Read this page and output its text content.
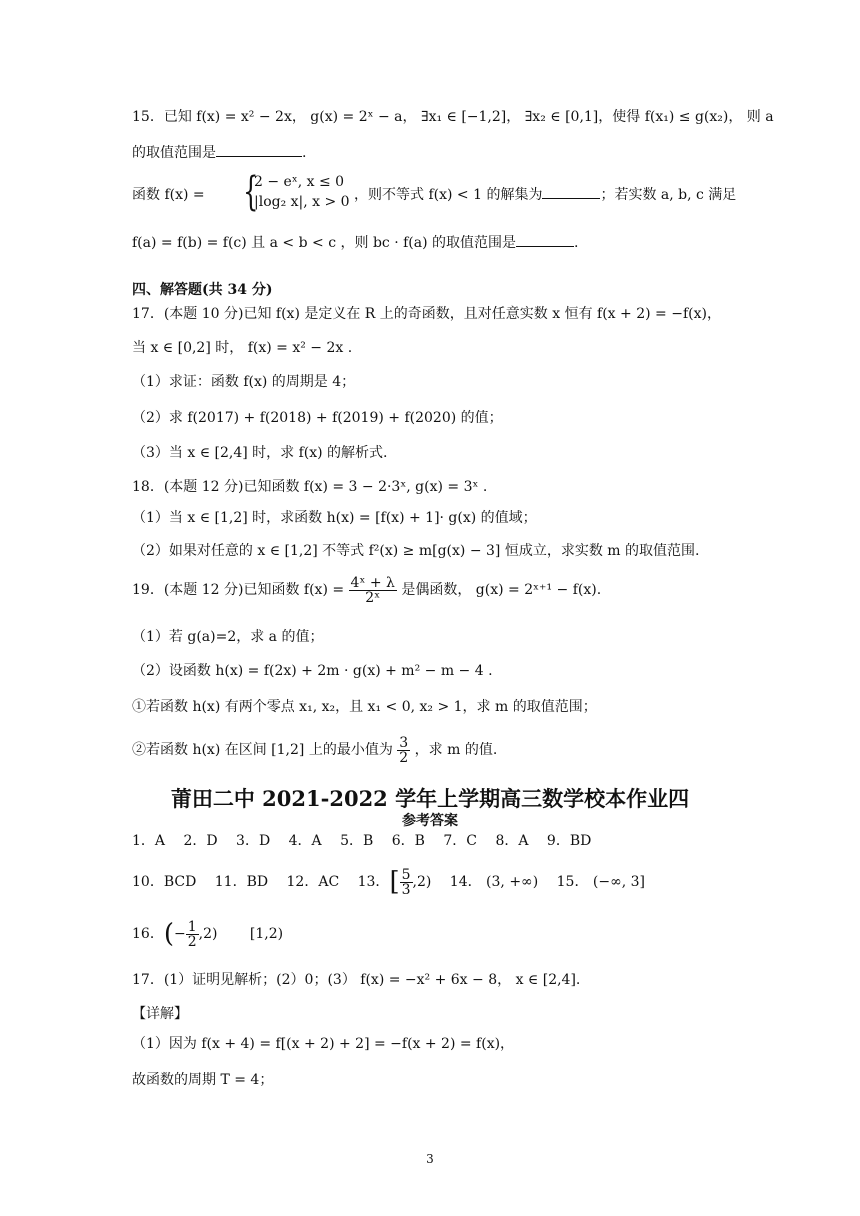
15．已知 f(x) = x² − 2x， g(x) = 2ˣ − a， ∃x₁ ∈ [−1,2]， ∃x₂ ∈ [0,1]，使得 f(x₁) ≤ g(x₂)， 则 a
的取值范围是	.
函数 f(x) = {
2 − eˣ, x ≤ 0
|log₂ x|, x > 0 ，则不等式 f(x) < 1 的解集为	；若实数 a, b, c 满足
f(a) = f(b) = f(c) 且 a < b < c ，则 bc · f(a) 的取值范围是	.
四、解答题(共 34 分)
17．(本题 10 分)已知 f(x) 是定义在 R 上的奇函数，且对任意实数 x 恒有 f(x + 2) = −f(x)，
当 x ∈ [0,2] 时， f(x) = x² − 2x .
（1）求证：函数 f(x) 的周期是 4；
（2）求 f(2017) + f(2018) + f(2019) + f(2020) 的值；
（3）当 x ∈ [2,4] 时，求 f(x) 的解析式.
18．(本题 12 分)已知函数 f(x) = 3 − 2·3ˣ, g(x) = 3ˣ .
（1）当 x ∈ [1,2] 时，求函数 h(x) = [f(x) + 1]· g(x) 的值域；
（2）如果对任意的 x ∈ [1,2] 不等式 f²(x) ≥ m[g(x) − 3] 恒成立，求实数 m 的取值范围.
19．(本题 12 分)已知函数 $f(x) = \frac{\text{4ˣ + λ}}{\text{2ˣ}}$ 是偶函数， g(x) = 2ˣ⁺¹ − f(x).
（1）若 g(a)=2，求 a 的值；
（2）设函数 h(x) = f(2x) + 2m · g(x) + m² − m − 4 .
①若函数 h(x) 有两个零点 x₁, x₂，且 x₁ < 0, x₂ > 1，求 m 的取值范围；
②若函数 h(x) 在区间 [1,2] 上的最小值为 $\frac{3}{2}$ ，求 m 的值.
莆田二中 2021-2022 学年上学期高三数学校本作业四
参考答案
1．A　 2．D　 3．D　 4．A　 5．B　 6．B　 7．C　 8．A　 9．BD
10．BCD　 11．BD　 12．AC　 13．[ $\frac{5}{3} ,2$)　 14． (3, +∞)　 15． (−∞, 3]
16．(− $\frac{1}{2} ,2$)　　 [1,2)
17．(1）证明见解析；(2）0；(3） f(x) = −x² + 6x − 8， x ∈ [2,4].
【详解】
（1）因为 f(x + 4) = f[(x + 2) + 2] = −f(x + 2) = f(x)，
故函数的周期 T = 4；
3
